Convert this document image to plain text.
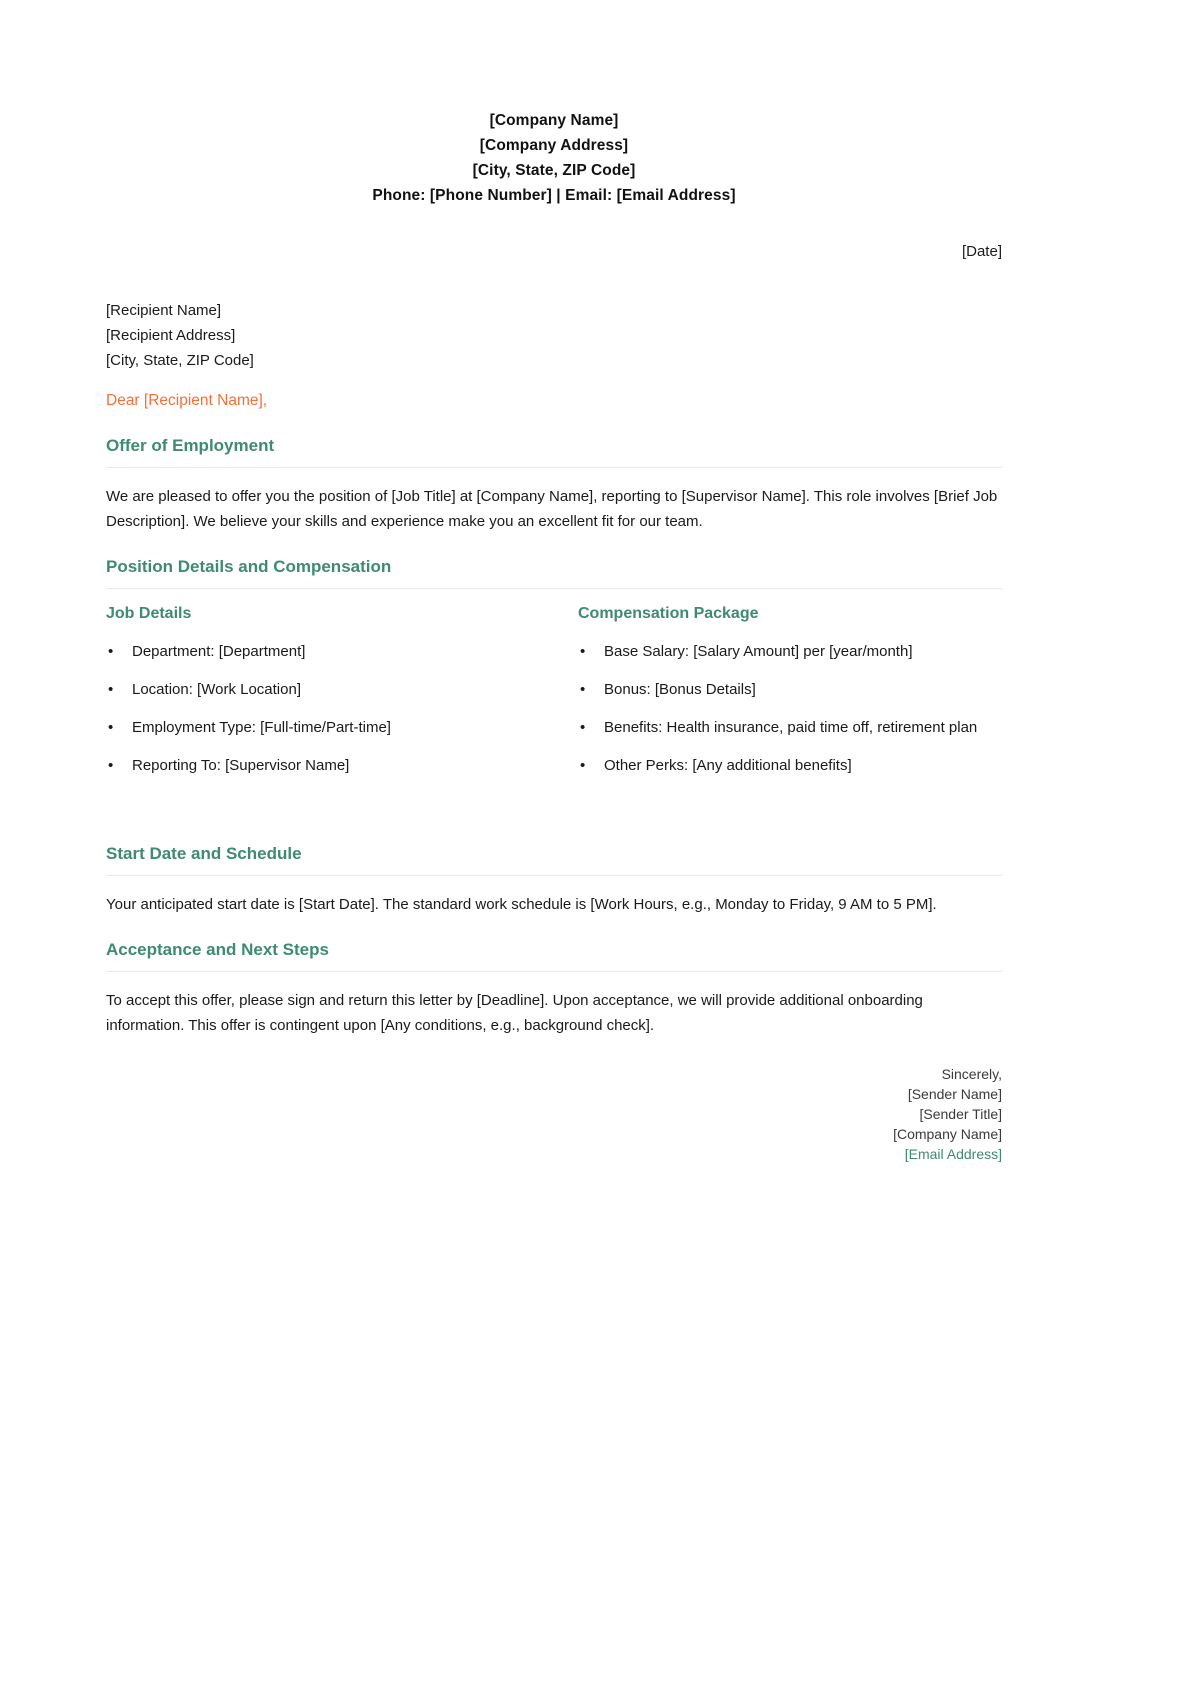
[Company Name]
[Company Address]
[City, State, ZIP Code]
Phone: [Phone Number] | Email: [Email Address]
[Date]
[Recipient Name]
[Recipient Address]
[City, State, ZIP Code]
Dear [Recipient Name],
Offer of Employment
We are pleased to offer you the position of [Job Title] at [Company Name], reporting to [Supervisor Name]. This role involves [Brief Job Description]. We believe your skills and experience make you an excellent fit for our team.
Position Details and Compensation
Job Details
• Department: [Department]
• Location: [Work Location]
• Employment Type: [Full-time/Part-time]
• Reporting To: [Supervisor Name]
Compensation Package
• Base Salary: [Salary Amount] per [year/month]
• Bonus: [Bonus Details]
• Benefits: Health insurance, paid time off, retirement plan
• Other Perks: [Any additional benefits]
Start Date and Schedule
Your anticipated start date is [Start Date]. The standard work schedule is [Work Hours, e.g., Monday to Friday, 9 AM to 5 PM].
Acceptance and Next Steps
To accept this offer, please sign and return this letter by [Deadline]. Upon acceptance, we will provide additional onboarding information. This offer is contingent upon [Any conditions, e.g., background check].
Sincerely,
[Sender Name]
[Sender Title]
[Company Name]
[Email Address]
